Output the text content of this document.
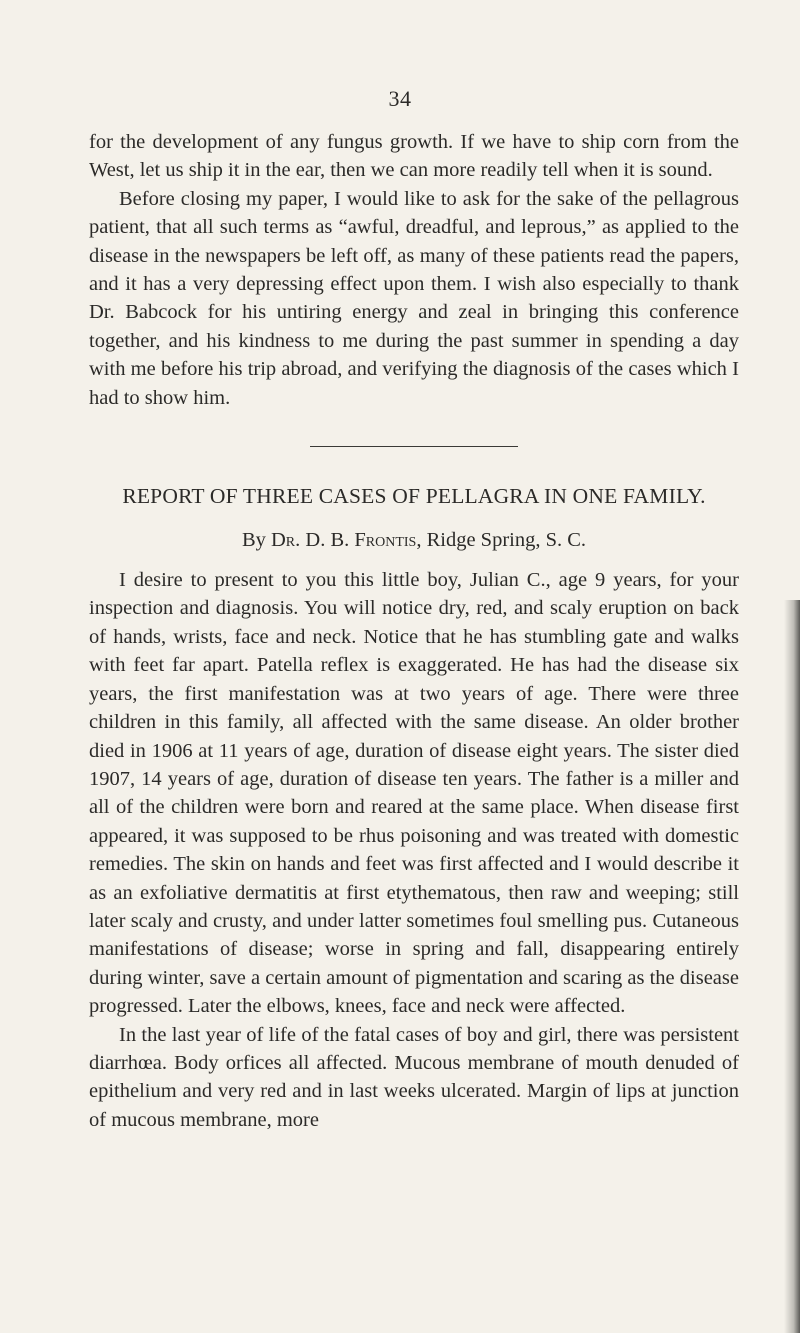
34

for the development of any fungus growth. If we have to ship corn from the West, let us ship it in the ear, then we can more readily tell when it is sound.

Before closing my paper, I would like to ask for the sake of the pellagrous patient, that all such terms as “awful, dreadful, and leprous,” as applied to the disease in the newspapers be left off, as many of these patients read the papers, and it has a very depressing effect upon them. I wish also especially to thank Dr. Babcock for his untiring energy and zeal in bringing this conference together, and his kindness to me during the past summer in spending a day with me before his trip abroad, and verifying the diagnosis of the cases which I had to show him.

REPORT OF THREE CASES OF PELLAGRA IN ONE FAMILY.
By Dr. D. B. Frontis, Ridge Spring, S. C.

I desire to present to you this little boy, Julian C., age 9 years, for your inspection and diagnosis. You will notice dry, red, and scaly eruption on back of hands, wrists, face and neck. Notice that he has stumbling gate and walks with feet far apart. Patella reflex is exaggerated. He has had the disease six years, the first manifestation was at two years of age. There were three children in this family, all affected with the same disease. An older brother died in 1906 at 11 years of age, duration of disease eight years. The sister died 1907, 14 years of age, duration of disease ten years. The father is a miller and all of the children were born and reared at the same place. When disease first appeared, it was supposed to be rhus poisoning and was treated with domestic remedies. The skin on hands and feet was first affected and I would describe it as an exfoliative dermatitis at first etythematous, then raw and weeping; still later scaly and crusty, and under latter sometimes foul smelling pus. Cutaneous manifestations of disease; worse in spring and fall, disappearing entirely during winter, save a certain amount of pigmentation and scaring as the disease progressed. Later the elbows, knees, face and neck were affected.

In the last year of life of the fatal cases of boy and girl, there was persistent diarrhœa. Body orfices all affected. Mucous membrane of mouth denuded of epithelium and very red and in last weeks ulcerated. Margin of lips at junction of mucous membrane, more
